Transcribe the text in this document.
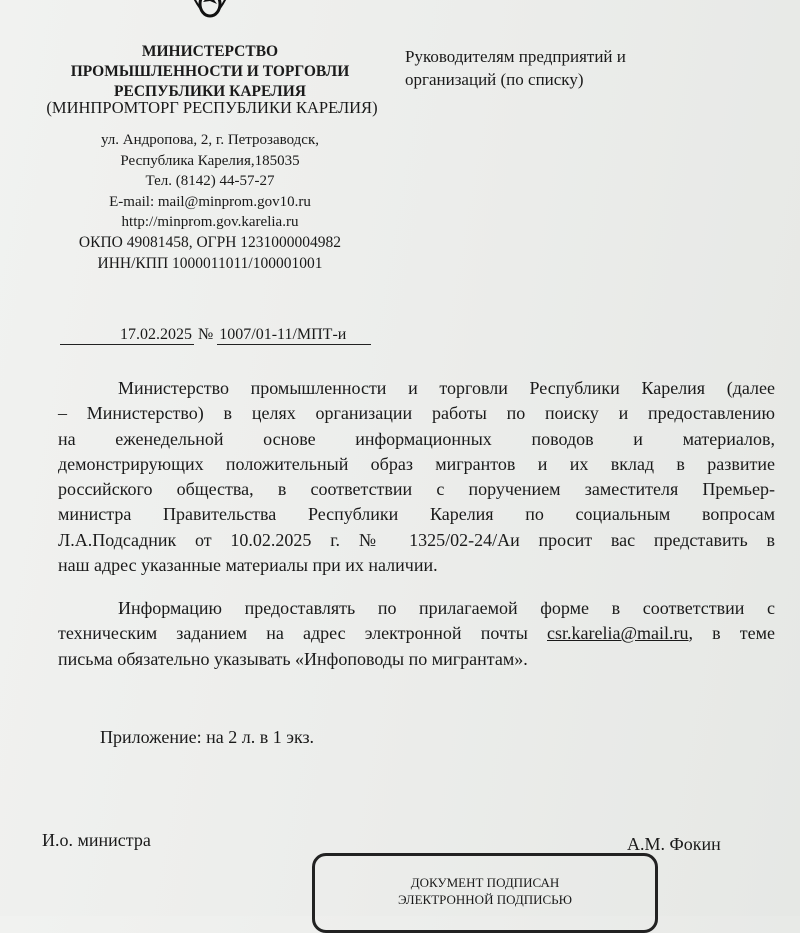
МИНИСТЕРСТВО
ПРОМЫШЛЕННОСТИ И ТОРГОВЛИ
РЕСПУБЛИКИ КАРЕЛИЯ
(МИНПРОМТОРГ РЕСПУБЛИКИ КАРЕЛИЯ)
ул. Андропова, 2, г. Петрозаводск,
Республика Карелия,185035
Тел. (8142) 44-57-27
E-mail: mail@minprom.gov10.ru
http://minprom.gov.karelia.ru
ОКПО 49081458, ОГРН 1231000004982
ИНН/КПП 1000011011/100001001
Руководителям предприятий и
организаций (по списку)
17.02.2025 № 1007/01-11/МПТ-и
Министерство промышленности и торговли Республики Карелия (далее
– Министерство) в целях организации работы по поиску и предоставлению
на еженедельной основе информационных поводов и материалов,
демонстрирующих положительный образ мигрантов и их вклад в развитие
российского общества, в соответствии с поручением заместителя Премьер-
министра Правительства Республики Карелия по социальным вопросам
Л.А.Подсадник от 10.02.2025 г. № 1325/02-24/Аи просит вас представить в
наш адрес указанные материалы при их наличии.
Информацию предоставлять по прилагаемой форме в соответствии с
техническим заданием на адрес электронной почты csr.karelia@mail.ru, в теме
письма обязательно указывать «Инфоповоды по мигрантам».
Приложение: на 2 л. в 1 экз.
И.о. министра	А.М. Фокин
ДОКУМЕНТ ПОДПИСАН
ЭЛЕКТРОННОЙ ПОДПИСЬЮ
